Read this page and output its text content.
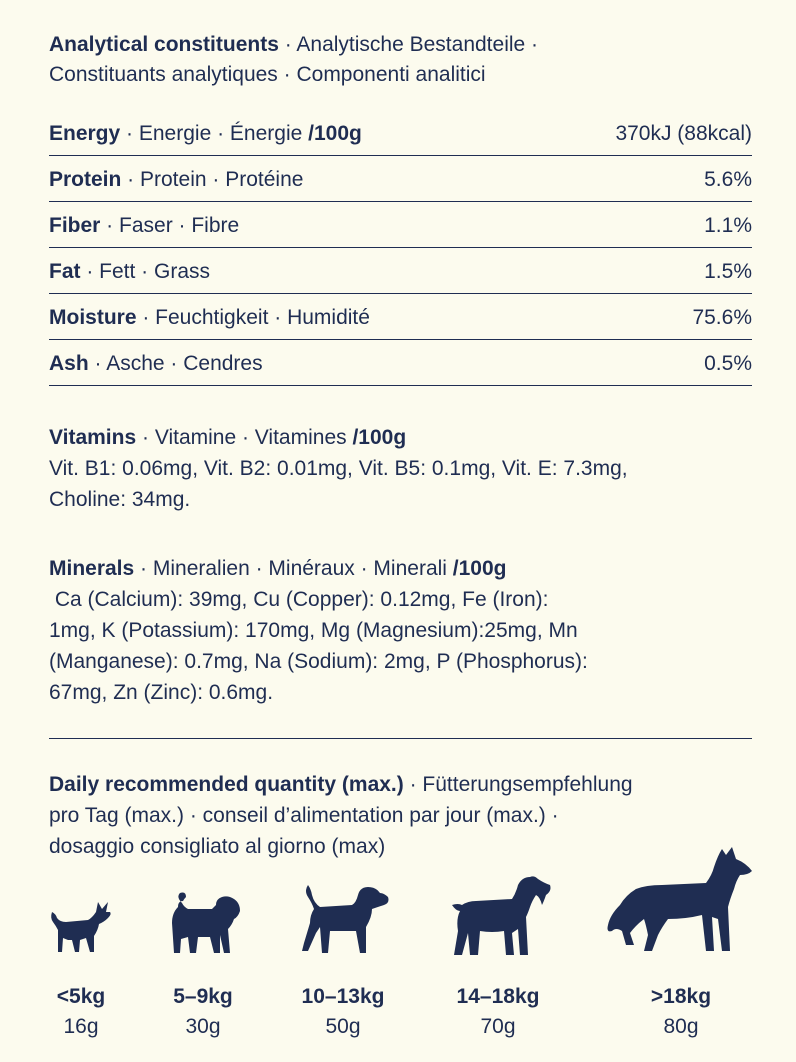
Analytical constituents · Analytische Bestandteile ·
Constituants analytiques · Componenti analitici
Energy · Energie · Énergie /100g	370kJ (88kcal)
Protein · Protein · Protéine	5.6%
Fiber · Faser · Fibre	1.1%
Fat · Fett · Grass	1.5%
Moisture · Feuchtigkeit · Humidité	75.6%
Ash · Asche · Cendres	0.5%
Vitamins · Vitamine · Vitamines /100g
Vit. B1: 0.06mg, Vit. B2: 0.01mg, Vit. B5: 0.1mg, Vit. E: 7.3mg,
Choline: 34mg.
Minerals · Mineralien · Minéraux · Minerali /100g
Ca (Calcium): 39mg, Cu (Copper): 0.12mg, Fe (Iron):
1mg, K (Potassium): 170mg, Mg (Magnesium):25mg, Mn
(Manganese): 0.7mg, Na (Sodium): 2mg, P (Phosphorus):
67mg, Zn (Zinc): 0.6mg.
Daily recommended quantity (max.) · Fütterungsempfehlung
pro Tag (max.) · conseil d’alimentation par jour (max.) ·
dosaggio consigliato al giorno (max)
<5kg
16g
5–9kg
30g
10–13kg
50g
14–18kg
70g
>18kg
80g
